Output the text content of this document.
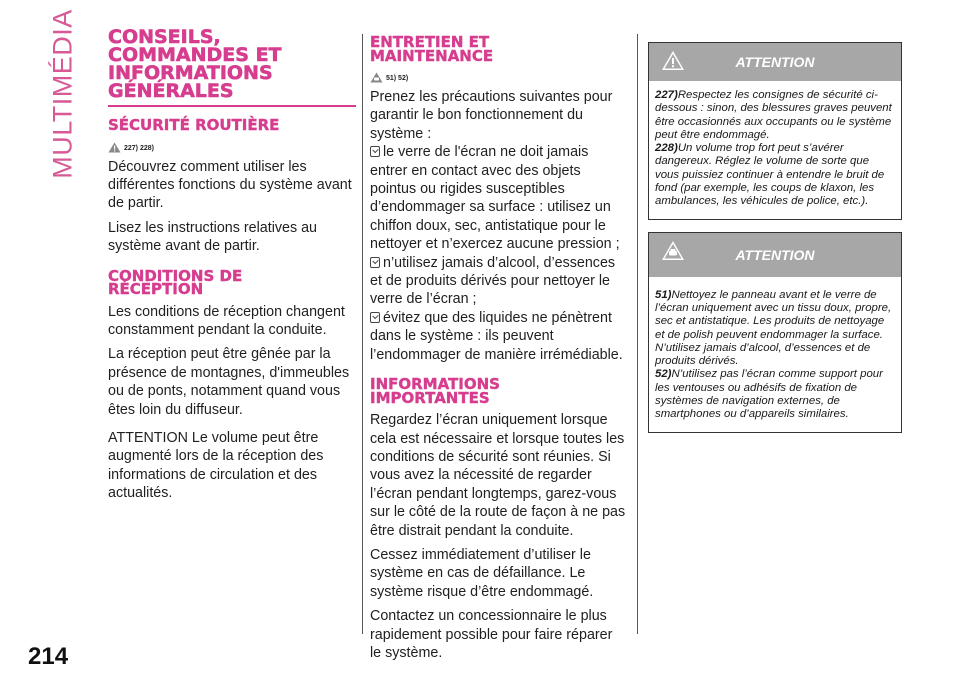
MULTIMÉDIA
214
CONSEILS,
COMMANDES ET
INFORMATIONS
GÉNÉRALES
SÉCURITÉ ROUTIÈRE
227) 228)

Découvrez comment utiliser les différentes fonctions du système avant de partir.

Lisez les instructions relatives au système avant de partir.

CONDITIONS DE
RÉCEPTION

Les conditions de réception changent constamment pendant la conduite.

La réception peut être gênée par la présence de montagnes, d'immeubles ou de ponts, notamment quand vous êtes loin du diffuseur.

ATTENTION Le volume peut être augmenté lors de la réception des informations de circulation et des actualités.

ENTRETIEN ET
MAINTENANCE
51) 52)

Prenez les précautions suivantes pour garantir le bon fonctionnement du système :

le verre de l'écran ne doit jamais entrer en contact avec des objets pointus ou rigides susceptibles d’endommager sa surface : utilisez un chiffon doux, sec, antistatique pour le nettoyer et n’exercez aucune pression ;

n’utilisez jamais d’alcool, d’essences et de produits dérivés pour nettoyer le verre de l’écran ;

évitez que des liquides ne pénètrent dans le système : ils peuvent l’endommager de manière irrémédiable.

INFORMATIONS
IMPORTANTES

Regardez l’écran uniquement lorsque cela est nécessaire et lorsque toutes les conditions de sécurité sont réunies. Si vous avez la nécessité de regarder l’écran pendant longtemps, garez-vous sur le côté de la route de façon à ne pas être distrait pendant la conduite.

Cessez immédiatement d’utiliser le système en cas de défaillance. Le système risque d’être endommagé.

Contactez un concessionnaire le plus rapidement possible pour faire réparer le système.

ATTENTION

227)Respectez les consignes de sécurité ci-dessous : sinon, des blessures graves peuvent être occasionnés aux occupants ou le système peut être endommagé.

228)Un volume trop fort peut s’avérer dangereux. Réglez le volume de sorte que vous puissiez continuer à entendre le bruit de fond (par exemple, les coups de klaxon, les ambulances, les véhicules de police, etc.).

ATTENTION

51)Nettoyez le panneau avant et le verre de l’écran uniquement avec un tissu doux, propre, sec et antistatique. Les produits de nettoyage et de polish peuvent endommager la surface. N’utilisez jamais d’alcool, d’essences et de produits dérivés.

52)N’utilisez pas l’écran comme support pour les ventouses ou adhésifs de fixation de systèmes de navigation externes, de smartphones ou d’appareils similaires.
